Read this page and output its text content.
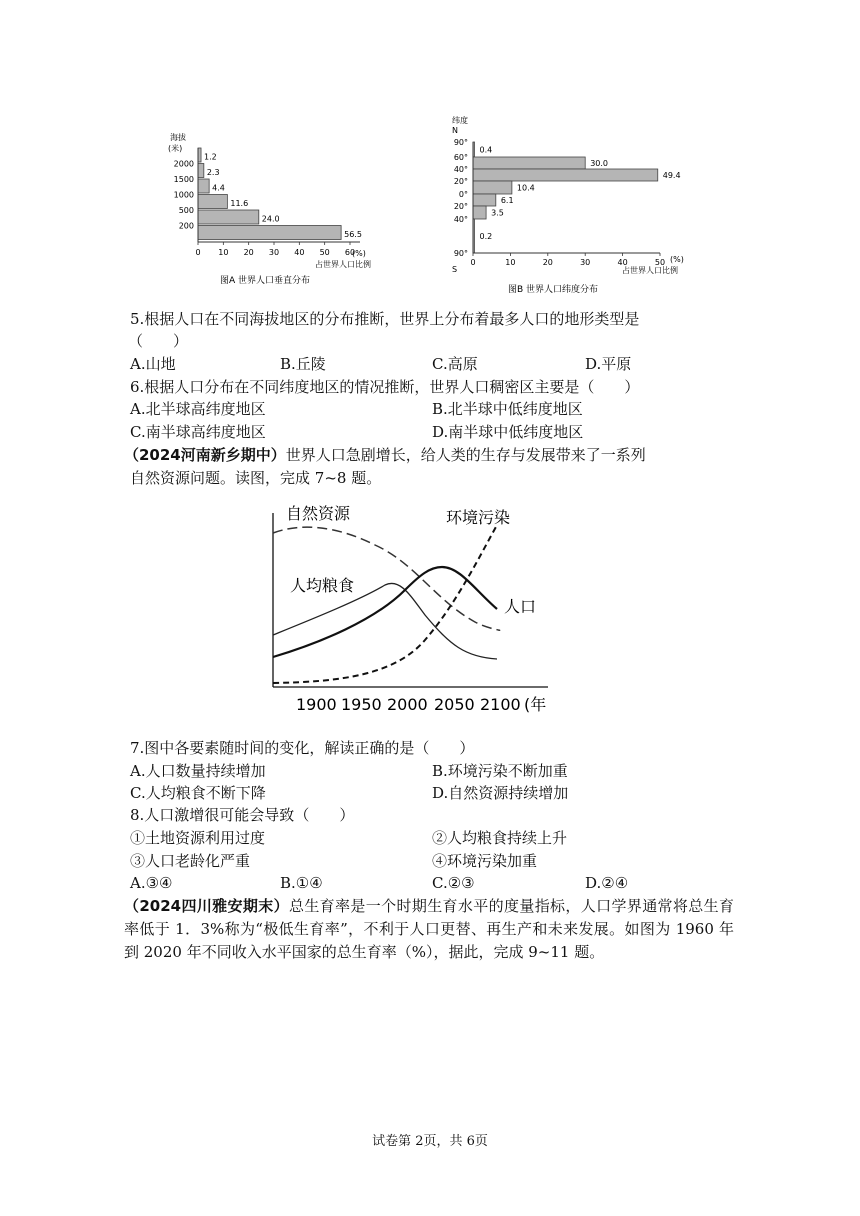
海拔
(米)
1.2
2.3
4.4
11.6
24.0
56.5
2000
1500
1000
500
200
0 10 20 30 40 50 60
(%)
占世界人口比例
图A 世界人口垂直分布
纬度
N
0.4
30.0
49.4
10.4
6.1
3.5
0.2
90°
60°
40°
20°
0°
20°
40°
90°
0	10	20	30	40	50
S
(%)
占世界人口比例
图B 世界人口纬度分布
5.根据人口在不同海拔地区的分布推断，世界上分布着最多人口的地形类型是
（　　）
A.山地	B.丘陵	C.高原	D.平原
6.根据人口分布在不同纬度地区的情况推断，世界人口稠密区主要是（　　）
A.北半球高纬度地区	B.北半球中低纬度地区
C.南半球高纬度地区	D.南半球中低纬度地区
（2024河南新乡期中）世界人口急剧增长，给人类的生存与发展带来了一系列
自然资源问题。读图，完成 7~8 题。
自然资源	环境污染
人均粮食
人口
1900 1950 2000 2050 2100 (年
7.图中各要素随时间的变化，解读正确的是（　　）
A.人口数量持续增加	B.环境污染不断加重
C.人均粮食不断下降	D.自然资源持续增加
8.人口激增很可能会导致（　　）
①土地资源利用过度	②人均粮食持续上升
③人口老龄化严重	④环境污染加重
A.③④	B.①④	C.②③	D.②④
（2024四川雅安期末）总生育率是一个时期生育水平的度量指标，人口学界通常将总生育率低于 1．3%称为“极低生育率”，不利于人口更替、再生产和未来发展。如图为 1960 年到 2020 年不同收入水平国家的总生育率（%），据此，完成 9~11 题。
试卷第 2页，共 6页
